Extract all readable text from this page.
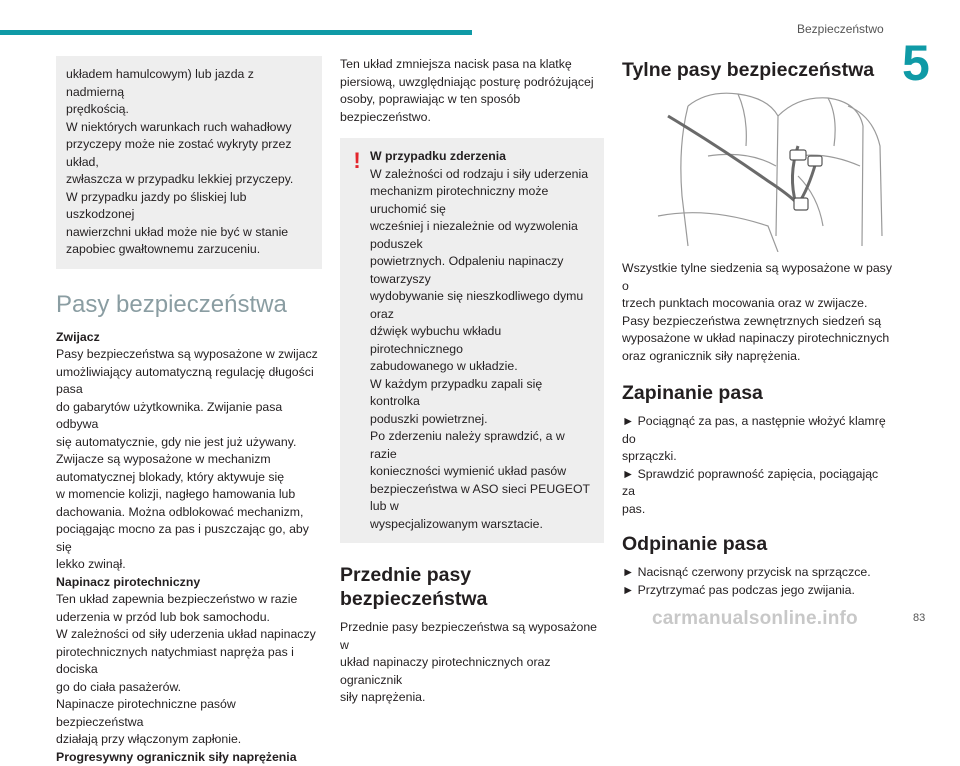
Bezpieczeństwo
5

układem hamulcowym) lub jazda z nadmierną

prędkością.

W niektórych warunkach ruch wahadłowy

przyczepy może nie zostać wykryty przez układ,

zwłaszcza w przypadku lekkiej przyczepy.

W przypadku jazdy po śliskiej lub uszkodzonej

nawierzchni układ może nie być w stanie

zapobiec gwałtownemu zarzuceniu.

Pasy bezpieczeństwa

Zwijacz

Pasy bezpieczeństwa są wyposażone w zwijacz

umożliwiający automatyczną regulację długości pasa

do gabarytów użytkownika. Zwijanie pasa odbywa

się automatycznie, gdy nie jest już używany.

Zwijacze są wyposażone w mechanizm

automatycznej blokady, który aktywuje się

w momencie kolizji, nagłego hamowania lub

dachowania. Można odblokować mechanizm,

pociągając mocno za pas i puszczając go, aby się

lekko zwinął.

Napinacz pirotechniczny

Ten układ zapewnia bezpieczeństwo w razie

uderzenia w przód lub bok samochodu.

W zależności od siły uderzenia układ napinaczy

pirotechnicznych natychmiast napręża pas i dociska

go do ciała pasażerów.

Napinacze pirotechniczne pasów bezpieczeństwa

działają przy włączonym zapłonie.

Progresywny ogranicznik siły naprężenia

Ten układ zmniejsza nacisk pasa na klatkę

piersiową, uwzględniając posturę podróżującej

osoby, poprawiając w ten sposób bezpieczeństwo.

! W przypadku zderzenia

W zależności od rodzaju i siły uderzenia

mechanizm pirotechniczny może uruchomić się

wcześniej i niezależnie od wyzwolenia poduszek

powietrznych. Odpaleniu napinaczy towarzyszy

wydobywanie się nieszkodliwego dymu oraz

dźwięk wybuchu wkładu pirotechnicznego

zabudowanego w układzie.

W każdym przypadku zapali się kontrolka

poduszki powietrznej.

Po zderzeniu należy sprawdzić, a w razie

konieczności wymienić układ pasów

bezpieczeństwa w ASO sieci PEUGEOT lub w

wyspecjalizowanym warsztacie.

Przednie pasy bezpieczeństwa

Przednie pasy bezpieczeństwa są wyposażone w

układ napinaczy pirotechnicznych oraz ogranicznik

siły naprężenia.

Tylne pasy bezpieczeństwa

Wszystkie tylne siedzenia są wyposażone w pasy o

trzech punktach mocowania oraz w zwijacze.

Pasy bezpieczeństwa zewnętrznych siedzeń są

wyposażone w układ napinaczy pirotechnicznych

oraz ogranicznik siły naprężenia.

Zapinanie pasa

► Pociągnąć za pas, a następnie włożyć klamrę do

sprzączki.

► Sprawdzić poprawność zapięcia, pociągając za

pas.

Odpinanie pasa

► Nacisnąć czerwony przycisk na sprzączce.

► Przytrzymać pas podczas jego zwijania.

carmanualsonline.info	83
